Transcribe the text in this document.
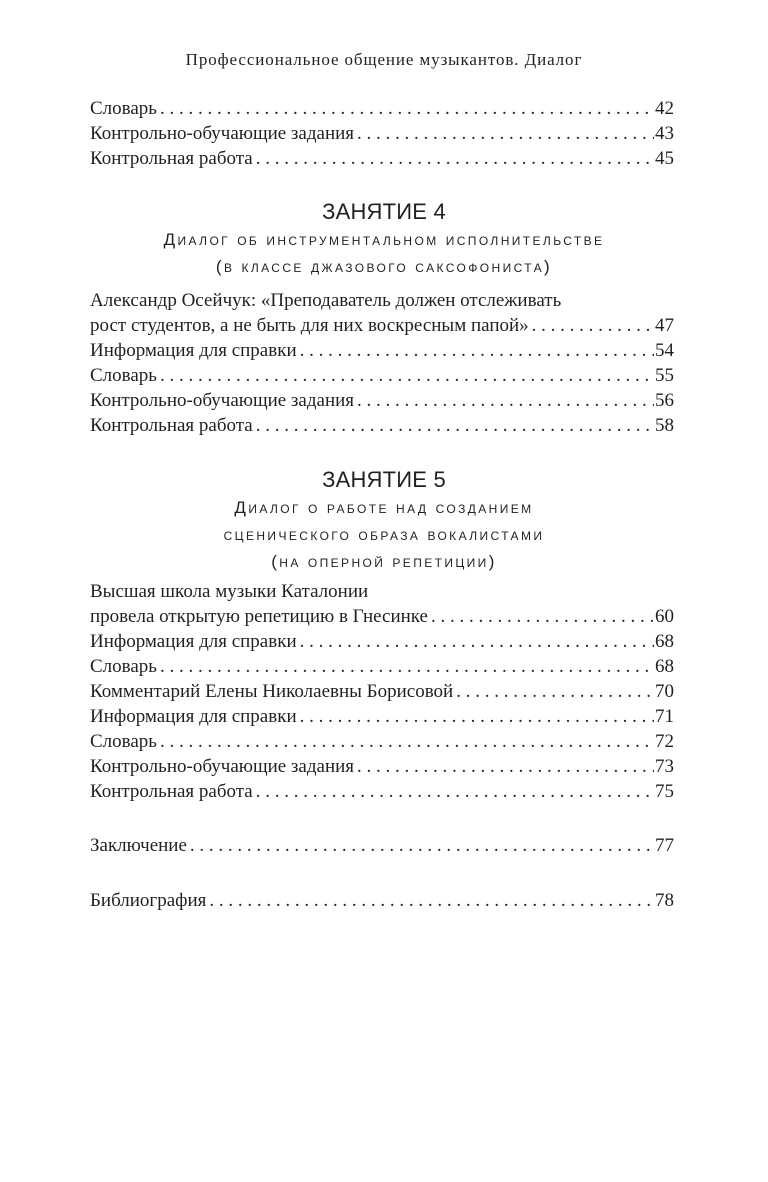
Профессиональное общение музыкантов. Диалог
Словарь . . .	42
Контрольно-обучающие задания . . .	43
Контрольная работа . . .	45
ЗАНЯТИЕ 4
Диалог об инструментальном исполнительстве
(в классе джазового саксофониста)
Александр Осейчук: «Преподаватель должен отслеживать
рост студентов, а не быть для них воскресным папой» . . .	47
Информация для справки . . .	54
Словарь . . .	55
Контрольно-обучающие задания . . .	56
Контрольная работа . . .	58
ЗАНЯТИЕ 5
Диалог о работе над созданием
сценического образа вокалистами
(на оперной репетиции)
Высшая школа музыки Каталонии
провела открытую репетицию в Гнесинке . . .	60
Информация для справки . . .	68
Словарь . . .	68
Комментарий Елены Николаевны Борисовой . . .	70
Информация для справки . . .	71
Словарь . . .	72
Контрольно-обучающие задания . . .	73
Контрольная работа . . .	75
Заключение . . .	77
Библиография . . .	78
